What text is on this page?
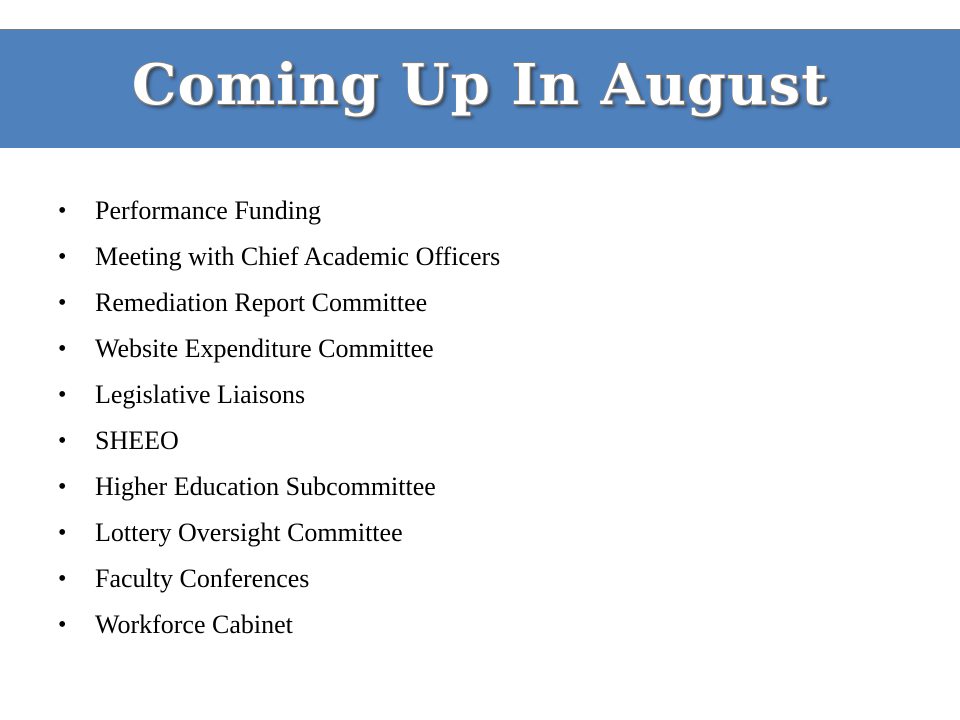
Coming Up In August
• Performance Funding
• Meeting with Chief Academic Officers
• Remediation Report Committee
• Website Expenditure Committee
• Legislative Liaisons
• SHEEO
• Higher Education Subcommittee
• Lottery Oversight Committee
• Faculty Conferences
• Workforce Cabinet
